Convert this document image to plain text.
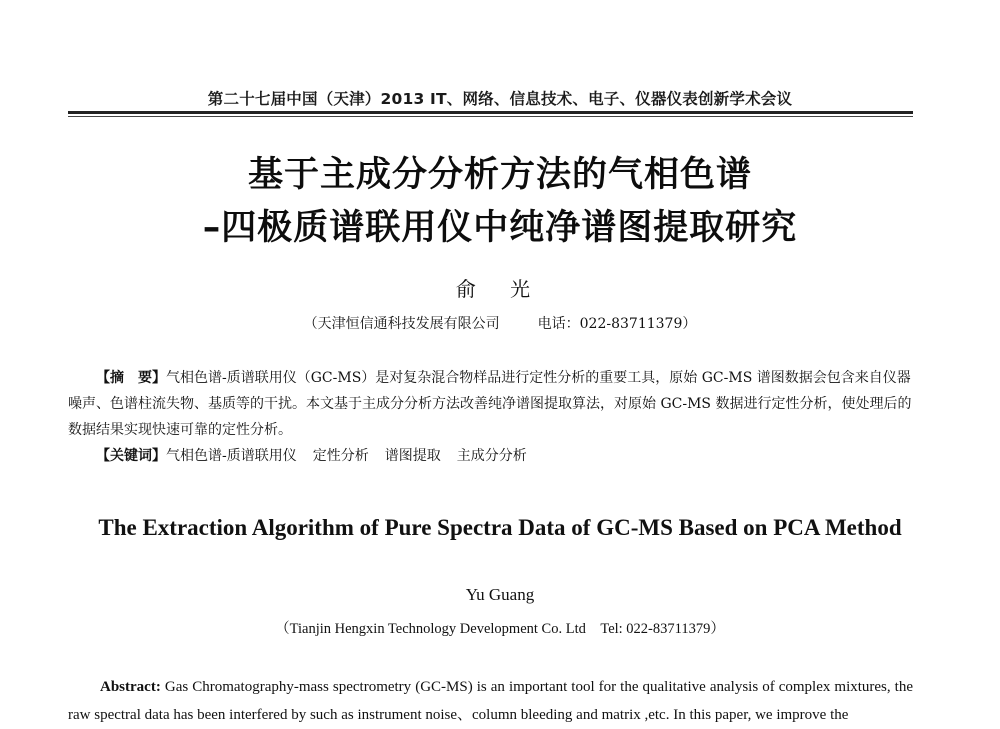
第二十七届中国（天津）2013 IT、网络、信息技术、电子、仪器仪表创新学术会议
基于主成分分析方法的气相色谱
–四极质谱联用仪中纯净谱图提取研究
俞 光
（天津恒信通科技发展有限公司	电话：022-83711379）
【摘　要】气相色谱-质谱联用仪（GC-MS）是对复杂混合物样品进行定性分析的重要工具，原始 GC-MS 谱图数据会包含来自仪器噪声、色谱柱流失物、基质等的干扰。本文基于主成分分析方法改善纯净谱图提取算法，对原始 GC-MS 数据进行定性分析，使处理后的数据结果实现快速可靠的定性分析。
【关键词】气相色谱-质谱联用仪 定性分析 谱图提取 主成分分析
The Extraction Algorithm of Pure Spectra Data of GC-MS Based on PCA Method
Yu Guang
（Tianjin Hengxin Technology Development Co. Ltd　Tel: 022-83711379）
Abstract: Gas Chromatography-mass spectrometry (GC-MS) is an important tool for the qualitative analysis of complex mixtures, the raw spectral data has been interfered by such as instrument noise、column bleeding and matrix ,etc. In this paper, we improve the
